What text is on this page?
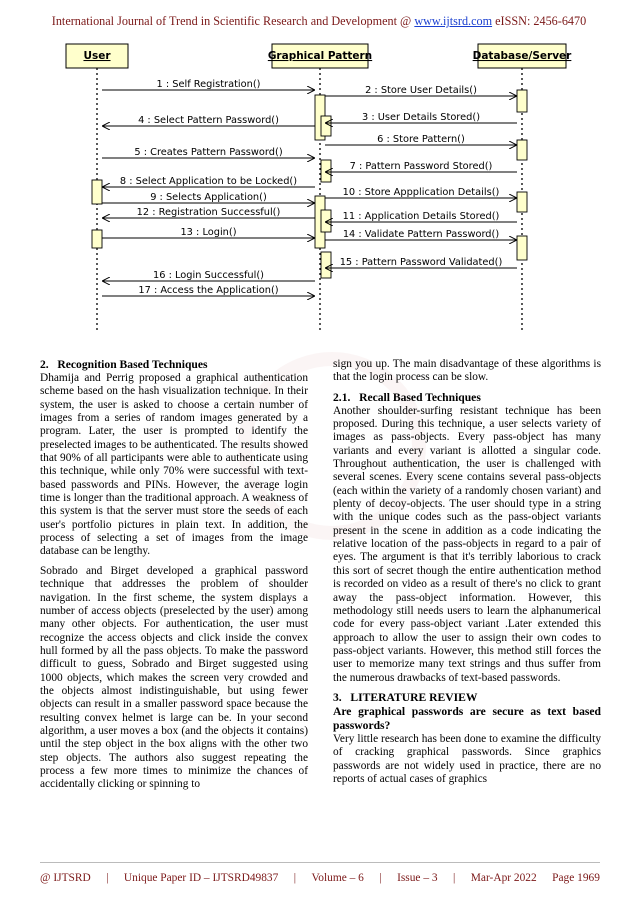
International Journal of Trend in Scientific Research and Development @ www.ijtsrd.com eISSN: 2456-6470
User	Graphical Pattern	Database/Server
1 : Self Registration()
2 : Store User Details()
3 : User Details Stored()
4 : Select Pattern Password()
5 : Creates Pattern Password()
6 : Store Pattern()
7 : Pattern Password Stored()
8 : Select Application to be Locked()
9 : Selects Application()	10 : Store Appplication Details()
11 : Application Details Stored()
12 : Registration Successful()
13 : Login()	14 : Validate Pattern Password()
15 : Pattern Password Validated()
16 : Login Successful()
17 : Access the Application()
2.   Recognition Based Techniques

Dhamija and Perrig proposed a graphical authentication scheme based on the hash visualization technique. In their system, the user is asked to choose a certain number of images from a series of random images generated by a program. Later, the user is prompted to identify the preselected images to be authenticated. The results showed that 90% of all participants were able to authenticate using this technique, while only 70% were successful with text-based passwords and PINs. However, the average login time is longer than the traditional approach. A weakness of this system is that the server must store the seeds of each user's portfolio pictures in plain text. In addition, the process of selecting a set of images from the image database can be lengthy.

Sobrado and Birget developed a graphical password technique that addresses the problem of shoulder navigation. In the first scheme, the system displays a number of access objects (preselected by the user) among many other objects. For authentication, the user must recognize the access objects and click inside the convex hull formed by all the pass objects. To make the password difficult to guess, Sobrado and Birget suggested using 1000 objects, which makes the screen very crowded and the objects almost indistinguishable, but using fewer objects can result in a smaller password space because the resulting convex helmet is large can be. In your second algorithm, a user moves a box (and the objects it contains) until the step object in the box aligns with the other two step objects. The authors also suggest repeating the process a few more times to minimize the chances of accidentally clicking or spinning to

sign you up. The main disadvantage of these algorithms is that the login process can be slow.

2.1.   Recall Based Techniques

Another shoulder-surfing resistant technique has been proposed. During this technique, a user selects variety of images as pass-objects. Every pass-object has many variants and every variant is allotted a singular code. Throughout authentication, the user is challenged with several scenes. Every scene contains several pass-objects (each within the variety of a randomly chosen variant) and plenty of decoy-objects. The user should type in a string with the unique codes such as the pass-object variants present in the scene in addition as a code indicating the relative location of the pass-objects in regard to a pair of eyes. The argument is that it's terribly laborious to crack this sort of secret though the entire authentication method is recorded on video as a result of there's no click to grant away the pass-object information. However, this methodology still needs users to learn the alphanumerical code for every pass-object variant .Later extended this approach to allow the user to assign their own codes to pass-object variants. However, this method still forces the user to memorize many text strings and thus suffer from the numerous drawbacks of text-based passwords.

3.   LITERATURE REVIEW
Are graphical passwords are secure as text based passwords?

Very little research has been done to examine the difficulty of cracking graphical passwords. Since graphics passwords are not widely used in practice, there are no reports of actual cases of graphics

@ IJTSRD | Unique Paper ID – IJTSRD49837 | Volume – 6 | Issue – 3 | Mar-Apr 2022 Page 1969
